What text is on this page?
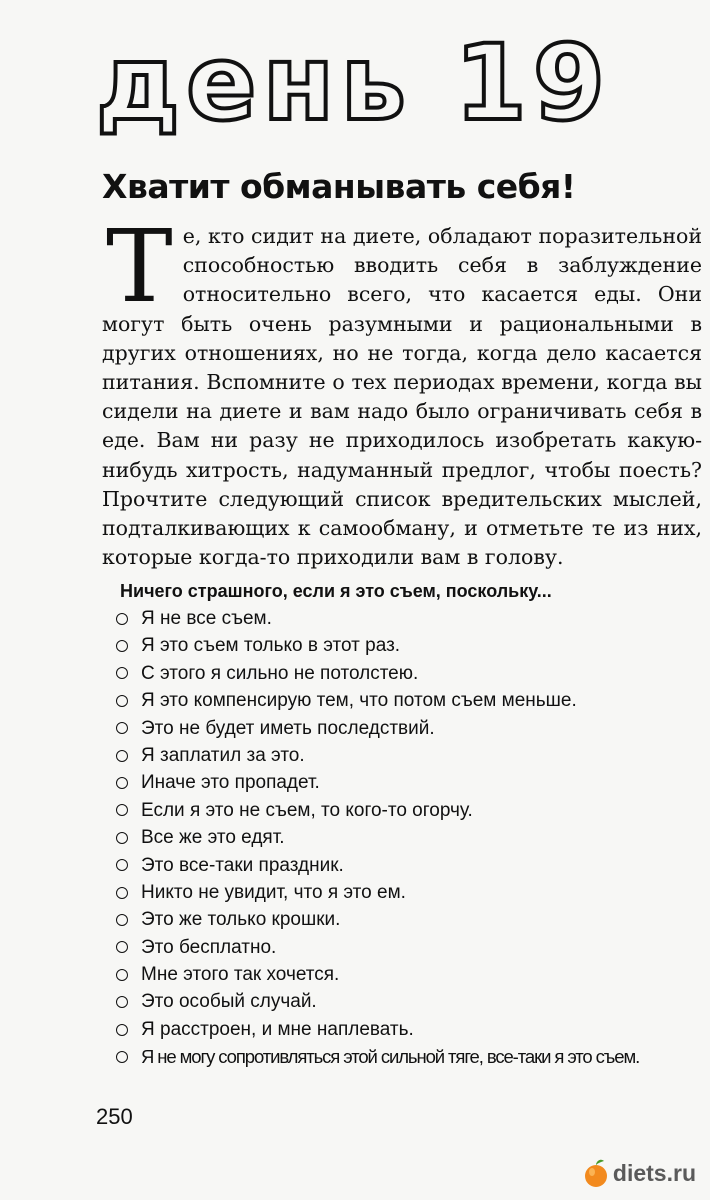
день 19
Хватит обманывать себя!

Те, кто сидит на диете, обладают поразительной способностью вводить себя в заблуждение относительно всего, что касается еды. Они могут быть очень разумными и рациональными в других отношениях, но не тогда, когда дело касается питания. Вспомните о тех периодах времени, когда вы сидели на диете и вам надо было ограничивать себя в еде. Вам ни разу не приходилось изобретать какую-нибудь хитрость, надуманный предлог, чтобы поесть? Прочтите следующий список вредительских мыслей, подталкивающих к самообману, и отметьте те из них, которые когда-то приходили вам в голову.

Ничего страшного, если я это съем, поскольку...
Я не все съем.
Я это съем только в этот раз.
С этого я сильно не потолстею.
Я это компенсирую тем, что потом съем меньше.
Это не будет иметь последствий.
Я заплатил за это.
Иначе это пропадет.
Если я это не съем, то кого-то огорчу.
Все же это едят.
Это все-таки праздник.
Никто не увидит, что я это ем.
Это же только крошки.
Это бесплатно.
Мне этого так хочется.
Это особый случай.
Я расстроен, и мне наплевать.
Я не могу сопротивляться этой сильной тяге, все-таки я это съем.
250
diets.ru
